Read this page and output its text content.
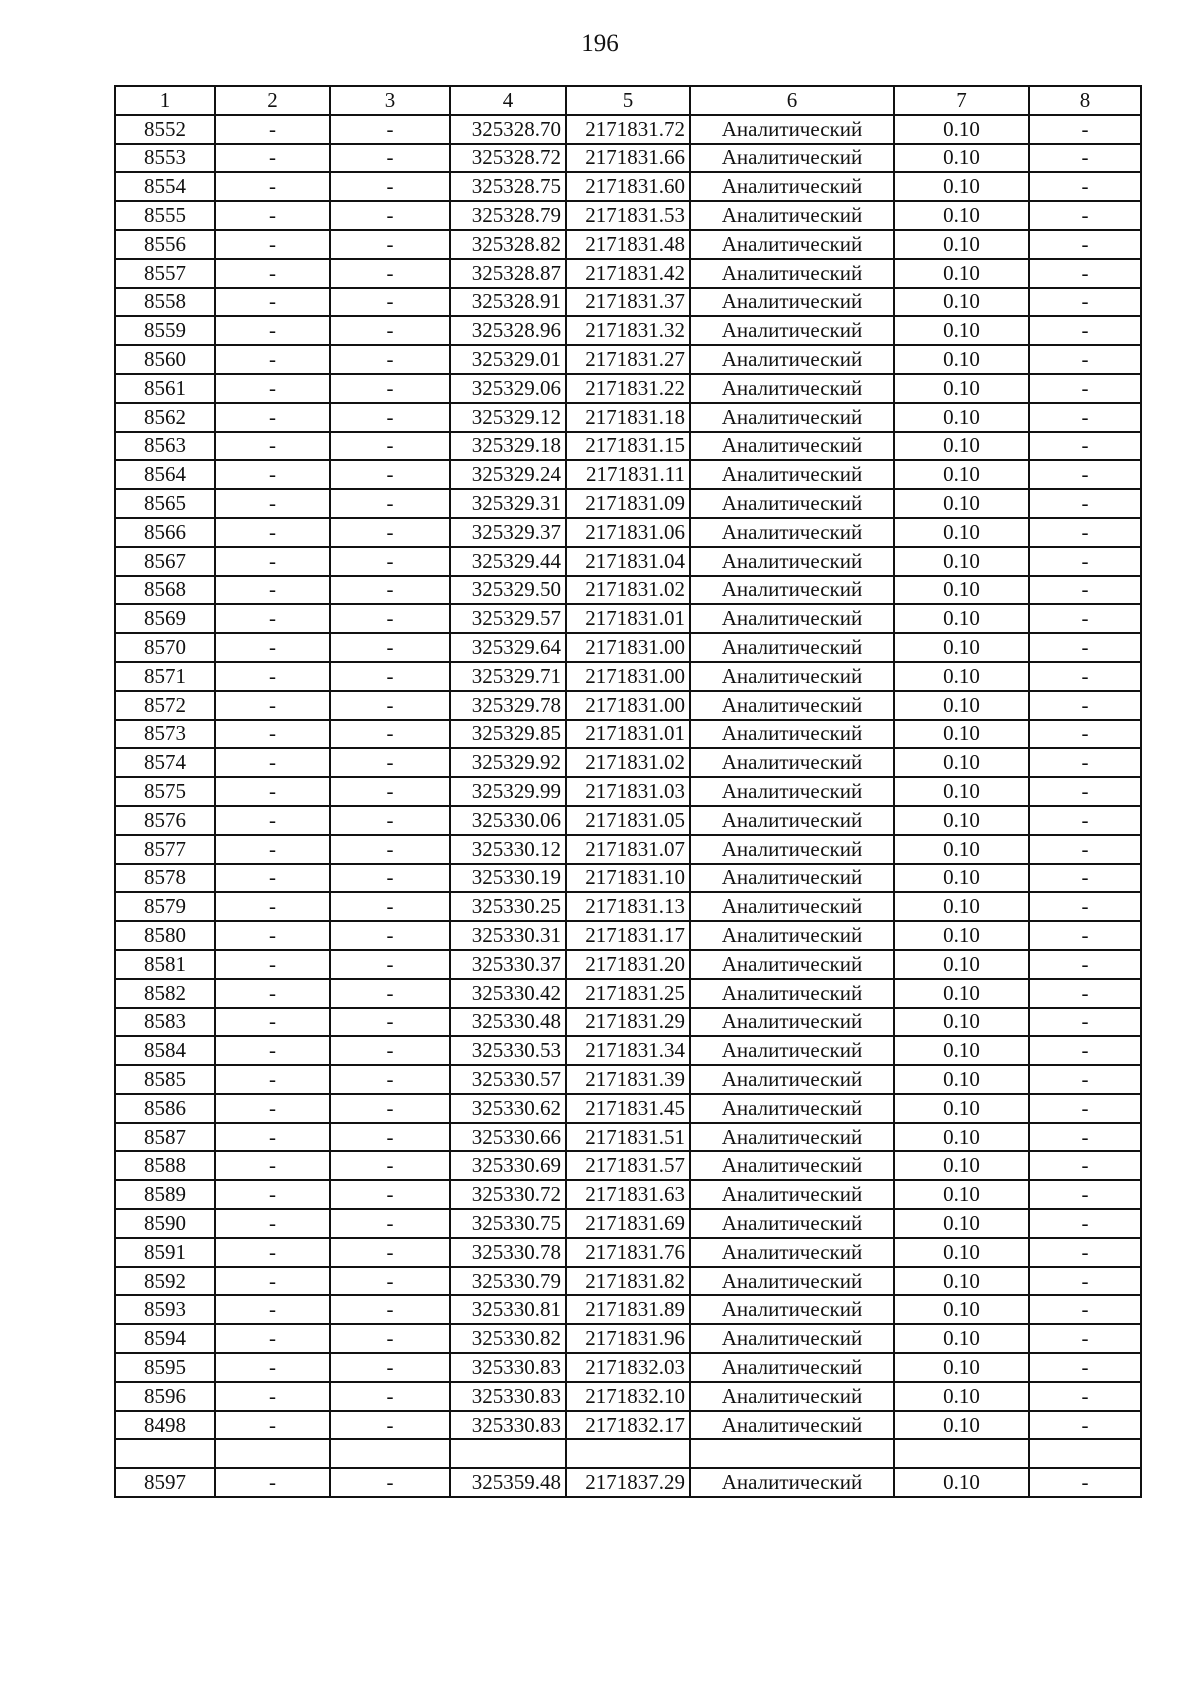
196
1	2	3	4	5	6	7	8
8552	-	-	325328.70	2171831.72	Аналитический	0.10	-
8553	-	-	325328.72	2171831.66	Аналитический	0.10	-
8554	-	-	325328.75	2171831.60	Аналитический	0.10	-
8555	-	-	325328.79	2171831.53	Аналитический	0.10	-
8556	-	-	325328.82	2171831.48	Аналитический	0.10	-
8557	-	-	325328.87	2171831.42	Аналитический	0.10	-
8558	-	-	325328.91	2171831.37	Аналитический	0.10	-
8559	-	-	325328.96	2171831.32	Аналитический	0.10	-
8560	-	-	325329.01	2171831.27	Аналитический	0.10	-
8561	-	-	325329.06	2171831.22	Аналитический	0.10	-
8562	-	-	325329.12	2171831.18	Аналитический	0.10	-
8563	-	-	325329.18	2171831.15	Аналитический	0.10	-
8564	-	-	325329.24	2171831.11	Аналитический	0.10	-
8565	-	-	325329.31	2171831.09	Аналитический	0.10	-
8566	-	-	325329.37	2171831.06	Аналитический	0.10	-
8567	-	-	325329.44	2171831.04	Аналитический	0.10	-
8568	-	-	325329.50	2171831.02	Аналитический	0.10	-
8569	-	-	325329.57	2171831.01	Аналитический	0.10	-
8570	-	-	325329.64	2171831.00	Аналитический	0.10	-
8571	-	-	325329.71	2171831.00	Аналитический	0.10	-
8572	-	-	325329.78	2171831.00	Аналитический	0.10	-
8573	-	-	325329.85	2171831.01	Аналитический	0.10	-
8574	-	-	325329.92	2171831.02	Аналитический	0.10	-
8575	-	-	325329.99	2171831.03	Аналитический	0.10	-
8576	-	-	325330.06	2171831.05	Аналитический	0.10	-
8577	-	-	325330.12	2171831.07	Аналитический	0.10	-
8578	-	-	325330.19	2171831.10	Аналитический	0.10	-
8579	-	-	325330.25	2171831.13	Аналитический	0.10	-
8580	-	-	325330.31	2171831.17	Аналитический	0.10	-
8581	-	-	325330.37	2171831.20	Аналитический	0.10	-
8582	-	-	325330.42	2171831.25	Аналитический	0.10	-
8583	-	-	325330.48	2171831.29	Аналитический	0.10	-
8584	-	-	325330.53	2171831.34	Аналитический	0.10	-
8585	-	-	325330.57	2171831.39	Аналитический	0.10	-
8586	-	-	325330.62	2171831.45	Аналитический	0.10	-
8587	-	-	325330.66	2171831.51	Аналитический	0.10	-
8588	-	-	325330.69	2171831.57	Аналитический	0.10	-
8589	-	-	325330.72	2171831.63	Аналитический	0.10	-
8590	-	-	325330.75	2171831.69	Аналитический	0.10	-
8591	-	-	325330.78	2171831.76	Аналитический	0.10	-
8592	-	-	325330.79	2171831.82	Аналитический	0.10	-
8593	-	-	325330.81	2171831.89	Аналитический	0.10	-
8594	-	-	325330.82	2171831.96	Аналитический	0.10	-
8595	-	-	325330.83	2171832.03	Аналитический	0.10	-
8596	-	-	325330.83	2171832.10	Аналитический	0.10	-
8498	-	-	325330.83	2171832.17	Аналитический	0.10	-

8597	-	-	325359.48	2171837.29	Аналитический	0.10	-
